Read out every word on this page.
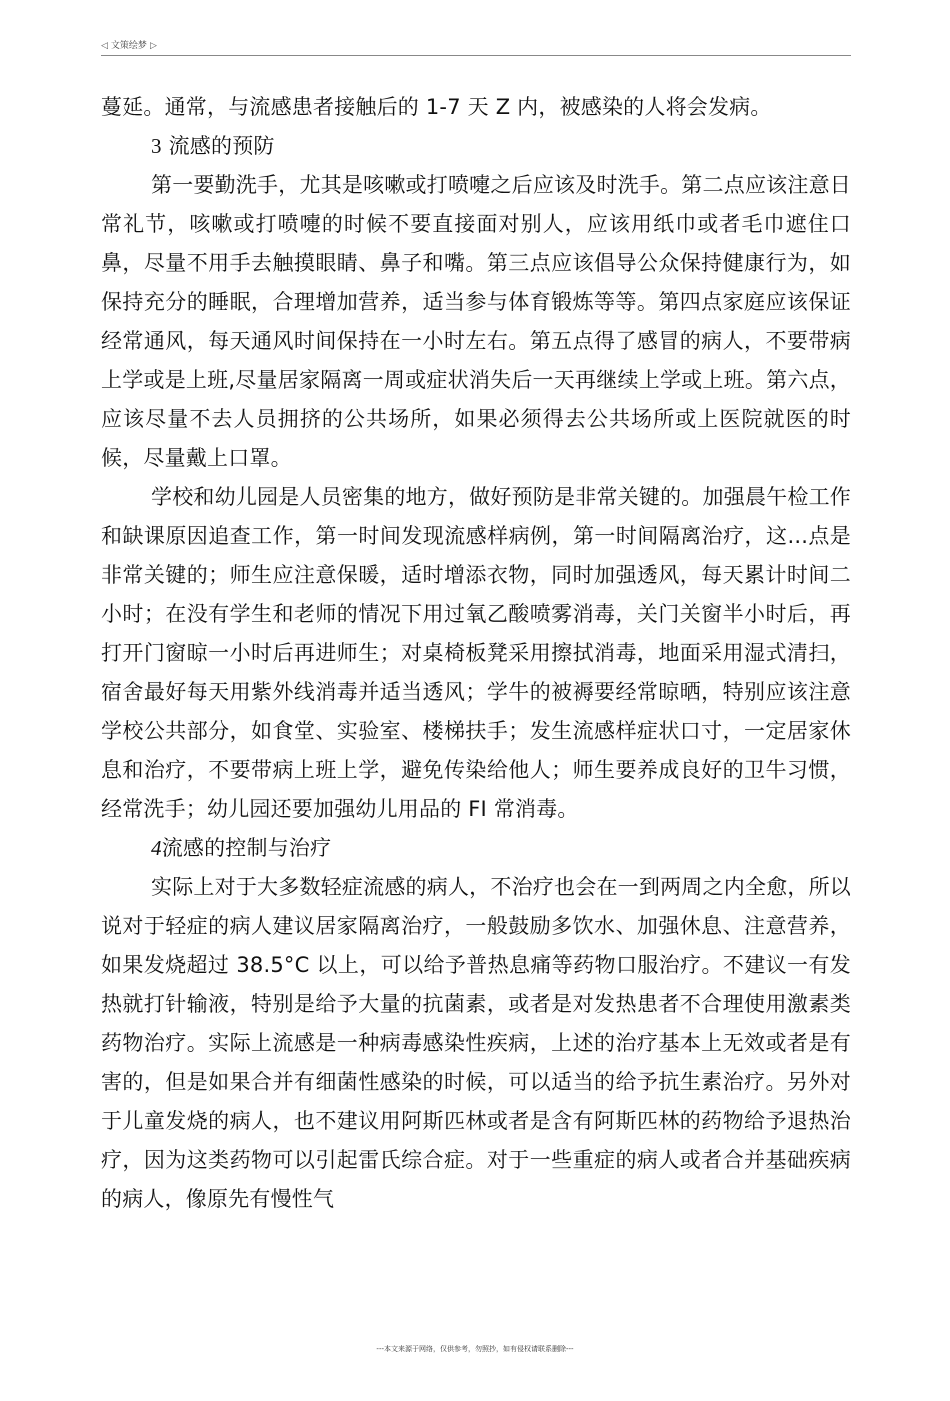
◁ 文策绘梦 ▷

蔓延。通常，与流感患者接触后的 1-7 天 Z 内，被感染的人将会发病。

3 流感的预防

第一要勤洗手，尤其是咳嗽或打喷嚏之后应该及时洗手。第二点应该注意日常礼节，咳嗽或打喷嚏的时候不要直接面对别人，应该用纸巾或者毛巾遮住口鼻，尽量不用手去触摸眼睛、鼻子和嘴。第三点应该倡导公众保持健康行为，如保持充分的睡眠，合理增加营养，适当参与体育锻炼等等。第四点家庭应该保证经常通风，每天通风时间保持在一小时左右。第五点得了感冒的病人，不要带病上学或是上班,尽量居家隔离一周或症状消失后一天再继续上学或上班。第六点，应该尽量不去人员拥挤的公共场所，如果必须得去公共场所或上医院就医的时候，尽量戴上口罩。

学校和幼儿园是人员密集的地方，做好预防是非常关键的。加强晨午检工作和缺课原因追查工作，第一时间发现流感样病例，第一时间隔离治疗，这...点是非常关键的；师生应注意保暖，适时增添衣物，同时加强透风，每天累计时间二小时；在没有学生和老师的情况下用过氧乙酸喷雾消毒，关门关窗半小时后，再打开门窗晾一小时后再进师生；对桌椅板凳采用擦拭消毒，地面采用湿式清扫，宿舍最好每天用紫外线消毒并适当透风；学牛的被褥要经常晾晒，特别应该注意学校公共部分，如食堂、实验室、楼梯扶手；发生流感样症状口寸，一定居家休息和治疗，不要带病上班上学，避免传染给他人；师生要养成良好的卫牛习惯，经常洗手；幼儿园还要加强幼儿用品的 FI 常消毒。

4流感的控制与治疗

实际上对于大多数轻症流感的病人，不治疗也会在一到两周之内全愈，所以说对于轻症的病人建议居家隔离治疗，一般鼓励多饮水、加强休息、注意营养，如果发烧超过 38.5°C 以上，可以给予普热息痛等药物口服治疗。不建议一有发热就打针输液，特别是给予大量的抗菌素，或者是对发热患者不合理使用激素类药物治疗。实际上流感是一种病毒感染性疾病，上述的治疗基本上无效或者是有害的，但是如果合并有细菌性感染的时候，可以适当的给予抗生素治疗。另外对于儿童发烧的病人，也不建议用阿斯匹林或者是含有阿斯匹林的药物给予退热治疗，因为这类药物可以引起雷氏综合症。对于一些重症的病人或者合并基础疾病的病人，像原先有慢性气

---本文来源于网络，仅供参考，勿照抄，如有侵权请联系删除---
